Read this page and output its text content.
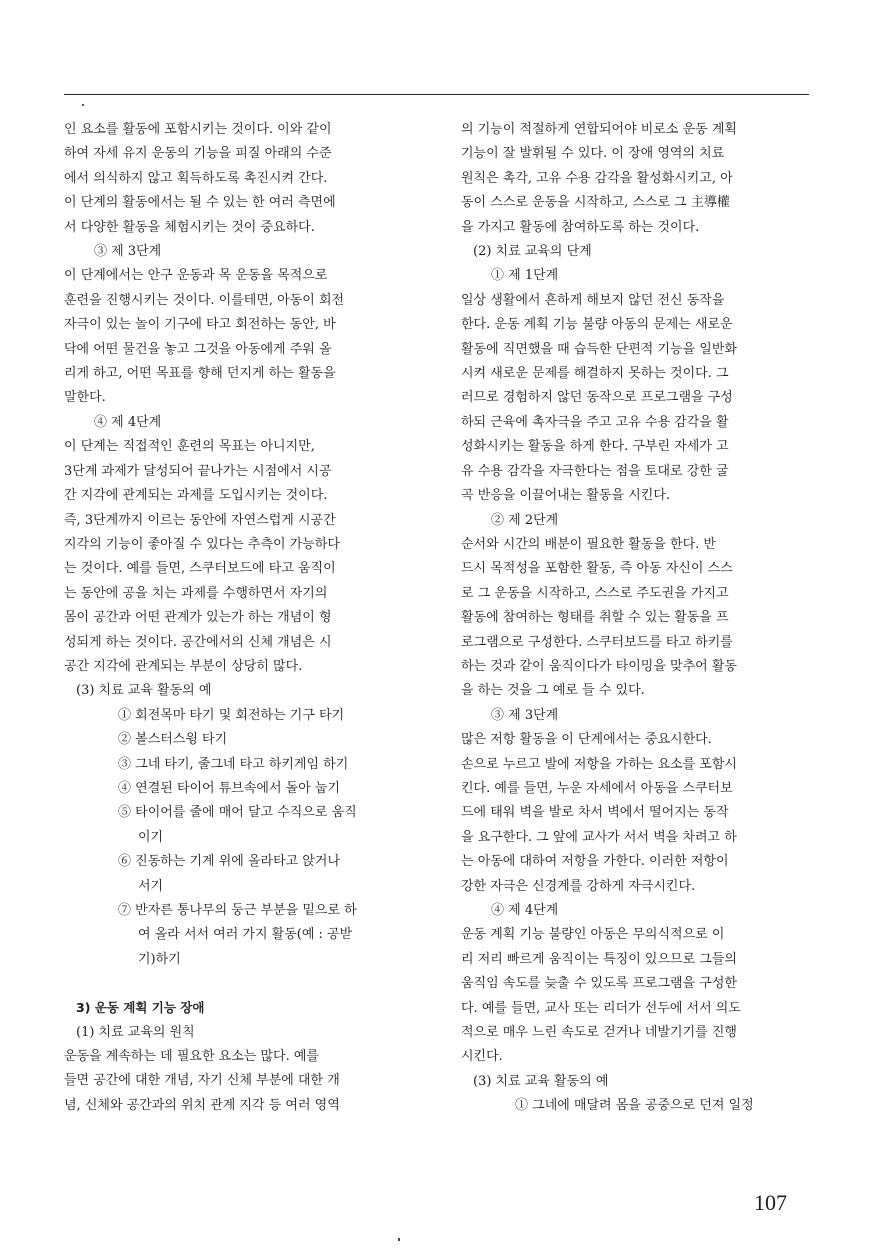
인 요소를 활동에 포함시키는 것이다. 이와 같이

하여 자세 유지 운동의 기능을 피질 아래의 수준

에서 의식하지 않고 획득하도록 촉진시켜 간다.

이 단계의 활동에서는 될 수 있는 한 여러 측면에

서 다양한 활동을 체험시키는 것이 중요하다.

③ 제 3단계

이 단계에서는 안구 운동과 목 운동을 목적으로

훈련을 진행시키는 것이다. 이를테면, 아동이 회전

자극이 있는 놀이 기구에 타고 회전하는 동안, 바

닥에 어떤 물건을 놓고 그것을 아동에게 주워 올

리게 하고, 어떤 목표를 향해 던지게 하는 활동을

말한다.

④ 제 4단계

이 단계는 직접적인 훈련의 목표는 아니지만,

3단계 과제가 달성되어 끝나가는 시점에서 시공

간 지각에 관계되는 과제를 도입시키는 것이다.

즉, 3단계까지 이르는 동안에 자연스럽게 시공간

지각의 기능이 좋아질 수 있다는 추측이 가능하다

는 것이다. 예를 들면, 스쿠터보드에 타고 움직이

는 동안에 공을 치는 과제를 수행하면서 자기의

몸이 공간과 어떤 관계가 있는가 하는 개념이 형

성되게 하는 것이다. 공간에서의 신체 개념은 시

공간 지각에 관계되는 부분이 상당히 많다.

(3) 치료 교육 활동의 예

① 회전목마 타기 및 회전하는 기구 타기

② 볼스터스윙 타기

③ 그네 타기, 줄그네 타고 하키게임 하기

④ 연결된 타이어 튜브속에서 돌아 눕기

⑤ 타이어를 줄에 매어 달고 수직으로 움직

이기

⑥ 진동하는 기계 위에 올라타고 앉거나

서기

⑦ 반자른 통나무의 둥근 부분을 밑으로 하

여 올라 서서 여러 가지 활동(예 : 공받

기)하기

3) 운동 계획 기능 장애

(1) 치료 교육의 원칙

운동을 계속하는 데 필요한 요소는 많다. 예를

들면 공간에 대한 개념, 자기 신체 부분에 대한 개

념, 신체와 공간과의 위치 관계 지각 등 여러 영역

의 기능이 적절하게 연합되어야 비로소 운동 계획

기능이 잘 발휘될 수 있다. 이 장애 영역의 치료

원칙은 촉각, 고유 수용 감각을 활성화시키고, 아

동이 스스로 운동을 시작하고, 스스로 그 主導權

을 가지고 활동에 참여하도록 하는 것이다.

(2) 치료 교육의 단계

① 제 1단계

일상 생활에서 흔하게 해보지 않던 전신 동작을

한다. 운동 계획 기능 불량 아동의 문제는 새로운

활동에 직면했을 때 습득한 단편적 기능을 일반화

시켜 새로운 문제를 해결하지 못하는 것이다. 그

러므로 경험하지 않던 동작으로 프로그램을 구성

하되 근육에 촉자극을 주고 고유 수용 감각을 활

성화시키는 활동을 하게 한다. 구부린 자세가 고

유 수용 감각을 자극한다는 점을 토대로 강한 굴

곡 반응을 이끌어내는 활동을 시킨다.

② 제 2단계

순서와 시간의 배분이 필요한 활동을 한다. 반

드시 목적성을 포함한 활동, 즉 아동 자신이 스스

로 그 운동을 시작하고, 스스로 주도권을 가지고

활동에 참여하는 형태를 취할 수 있는 활동을 프

로그램으로 구성한다. 스쿠터보드를 타고 하키를

하는 것과 같이 움직이다가 타이밍을 맞추어 활동

을 하는 것을 그 예로 들 수 있다.

③ 제 3단계

많은 저항 활동을 이 단계에서는 중요시한다.

손으로 누르고 발에 저항을 가하는 요소를 포함시

킨다. 예를 들면, 누운 자세에서 아동을 스쿠터보

드에 태워 벽을 발로 차서 벽에서 떨어지는 동작

을 요구한다. 그 앞에 교사가 서서 벽을 차려고 하

는 아동에 대하여 저항을 가한다. 이러한 저항이

강한 자극은 신경계를 강하게 자극시킨다.

④ 제 4단계

운동 계획 기능 불량인 아동은 무의식적으로 이

리 저리 빠르게 움직이는 특징이 있으므로 그들의

움직임 속도를 늦출 수 있도록 프로그램을 구성한

다. 예를 들면, 교사 또는 리더가 선두에 서서 의도

적으로 매우 느린 속도로 걷거나 네발기기를 진행

시킨다.

(3) 치료 교육 활동의 예

① 그네에 매달려 몸을 공중으로 던져 일정

107
